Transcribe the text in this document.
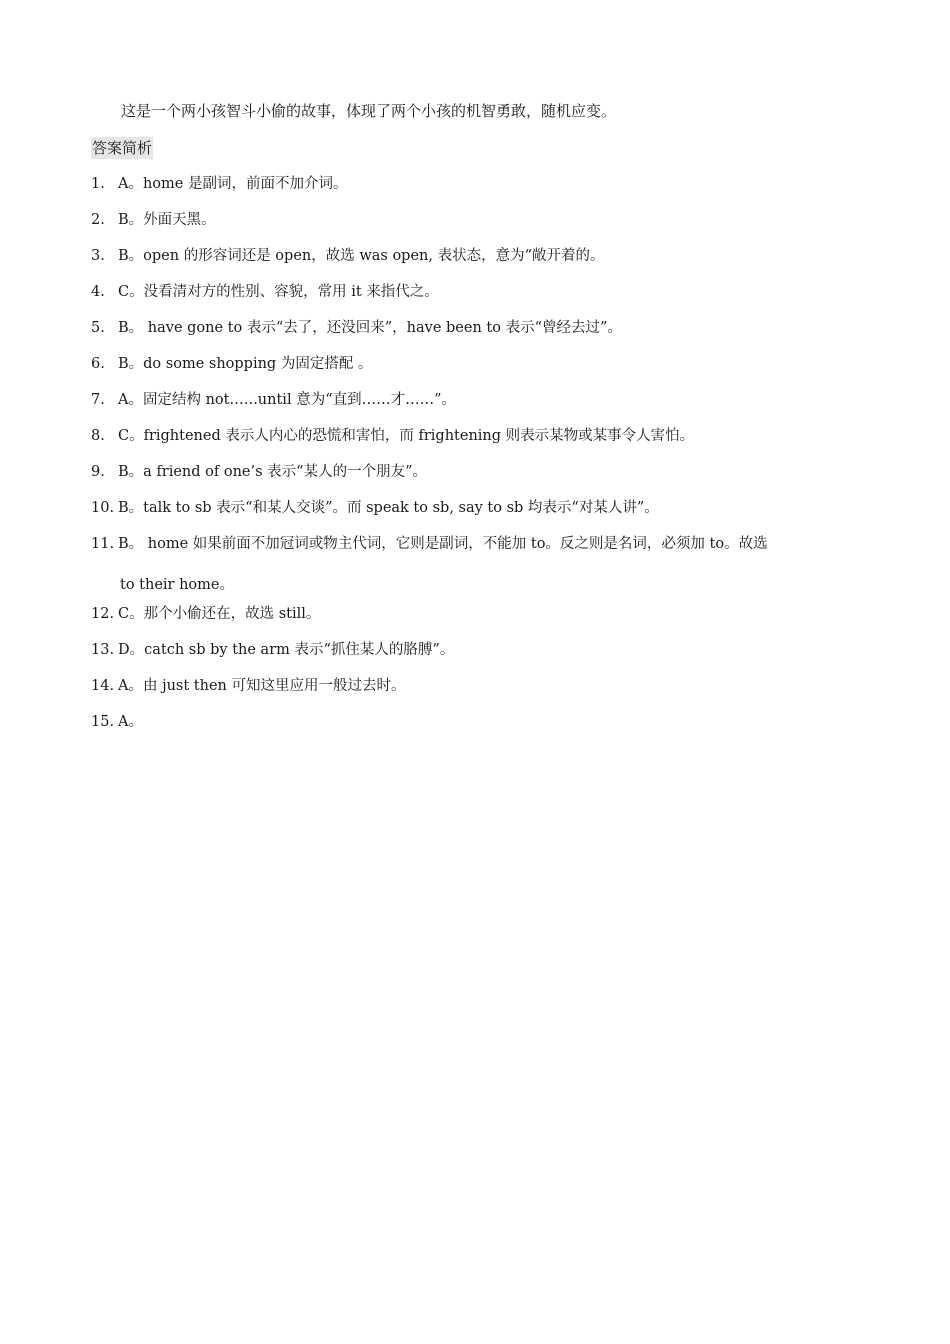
这是一个两小孩智斗小偷的故事，体现了两个小孩的机智勇敢，随机应变。
答案简析
1. A。home 是副词，前面不加介词。
2. B。外面天黑。
3. B。open 的形容词还是 open，故选 was open, 表状态，意为“敞开着的。
4. C。没看清对方的性别、容貌，常用 it 来指代之。
5. B。 have gone to 表示“去了，还没回来”，have been to 表示“曾经去过”。
6. B。do some shopping 为固定搭配 。
7. A。固定结构 not.…..until 意为“直到……才……”。
8. C。frightened 表示人内心的恐慌和害怕，而 frightening 则表示某物或某事令人害怕。
9. B。a friend of one’s 表示“某人的一个朋友”。
10. B。talk to sb 表示“和某人交谈”。而 speak to sb, say to sb 均表示“对某人讲”。
11. B。 home 如果前面不加冠词或物主代词，它则是副词，不能加 to。反之则是名词，必须加 to。故选
to their home。
12. C。那个小偷还在，故选 still。
13. D。catch sb by the arm 表示“抓住某人的胳膊”。
14. A。由 just then 可知这里应用一般过去时。
15. A。
